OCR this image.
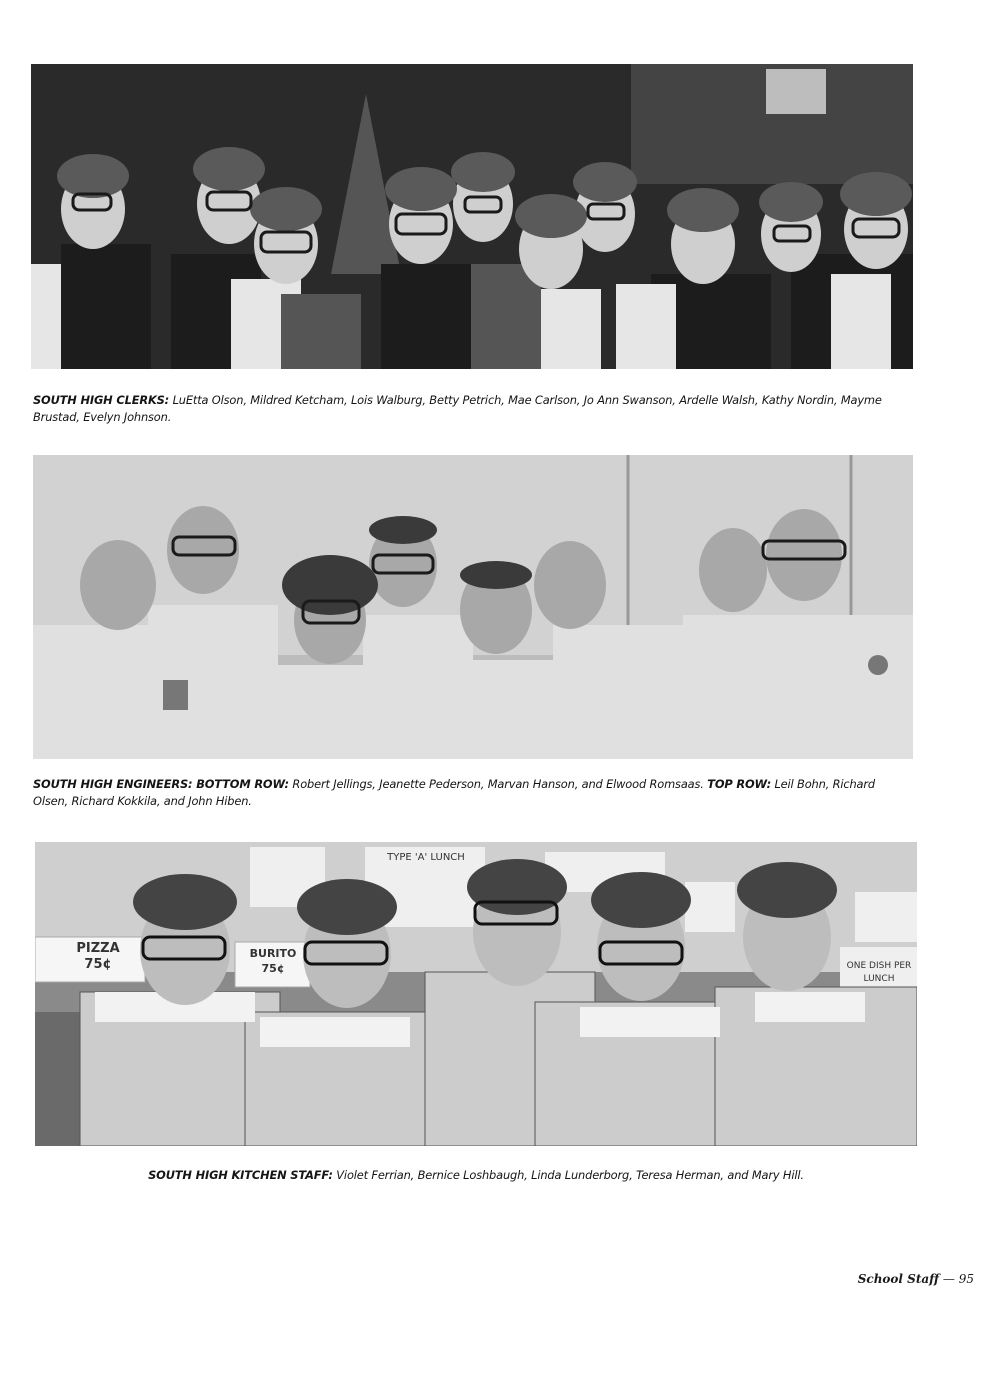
SOUTH HIGH CLERKS: LuEtta Olson, Mildred Ketcham, Lois Walburg, Betty Petrich, Mae Carlson, Jo Ann Swanson, Ardelle Walsh, Kathy Nordin, Mayme Brustad, Evelyn Johnson.

SOUTH HIGH ENGINEERS: BOTTOM ROW: Robert Jellings, Jeanette Pederson, Marvan Hanson, and Elwood Romsaas. TOP ROW: Leil Bohn, Richard Olsen, Richard Kokkila, and John Hiben.

PIZZA
75¢
BURITO
75¢
TYPE 'A' LUNCH
ONE DISH PER LUNCH

SOUTH HIGH KITCHEN STAFF: Violet Ferrian, Bernice Loshbaugh, Linda Lunderborg, Teresa Herman, and Mary Hill.

School Staff — 95
